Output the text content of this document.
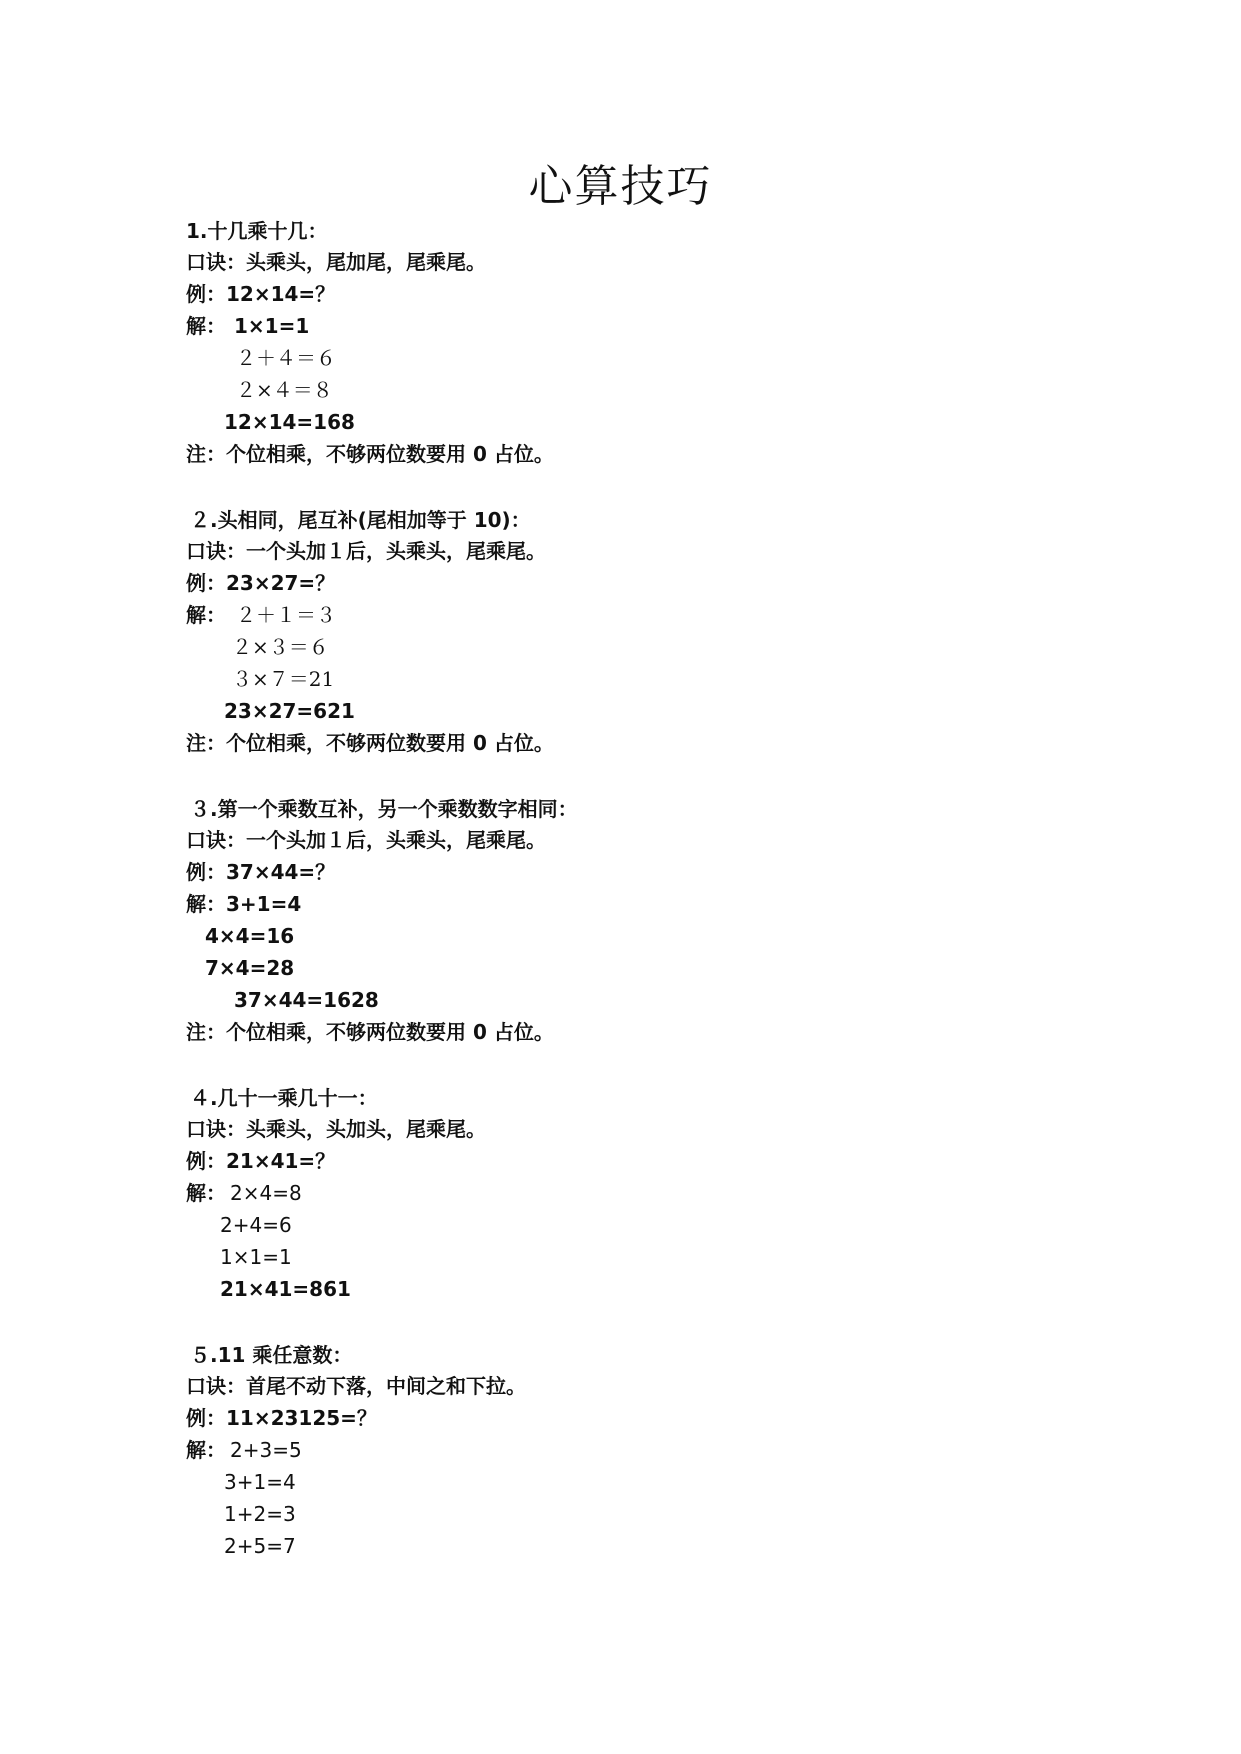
心算技巧
1.十几乘十几：
口诀：头乘头，尾加尾，尾乘尾。
例：12×14=？
解： 1×1=1
２＋４＝６
２×４＝８
12×14=168
注：个位相乘，不够两位数要用 0 占位。
２.头相同，尾互补(尾相加等于 10)：
口诀：一个头加１后，头乘头，尾乘尾。
例：23×27=？
解： ２＋１＝３
２×３＝６
３×７＝21
23×27=621
注：个位相乘，不够两位数要用 0 占位。
３.第一个乘数互补，另一个乘数数字相同：
口诀：一个头加１后，头乘头，尾乘尾。
例：37×44=？
解：3+1=4
4×4=16
7×4=28
37×44=1628
注：个位相乘，不够两位数要用 0 占位。
４.几十一乘几十一：
口诀：头乘头，头加头，尾乘尾。
例：21×41=？
解： 2×4=8
2+4=6
1×1=1
21×41=861
５.11 乘任意数：
口诀：首尾不动下落，中间之和下拉。
例：11×23125=？
解： 2+3=5
3+1=4
1+2=3
2+5=7
